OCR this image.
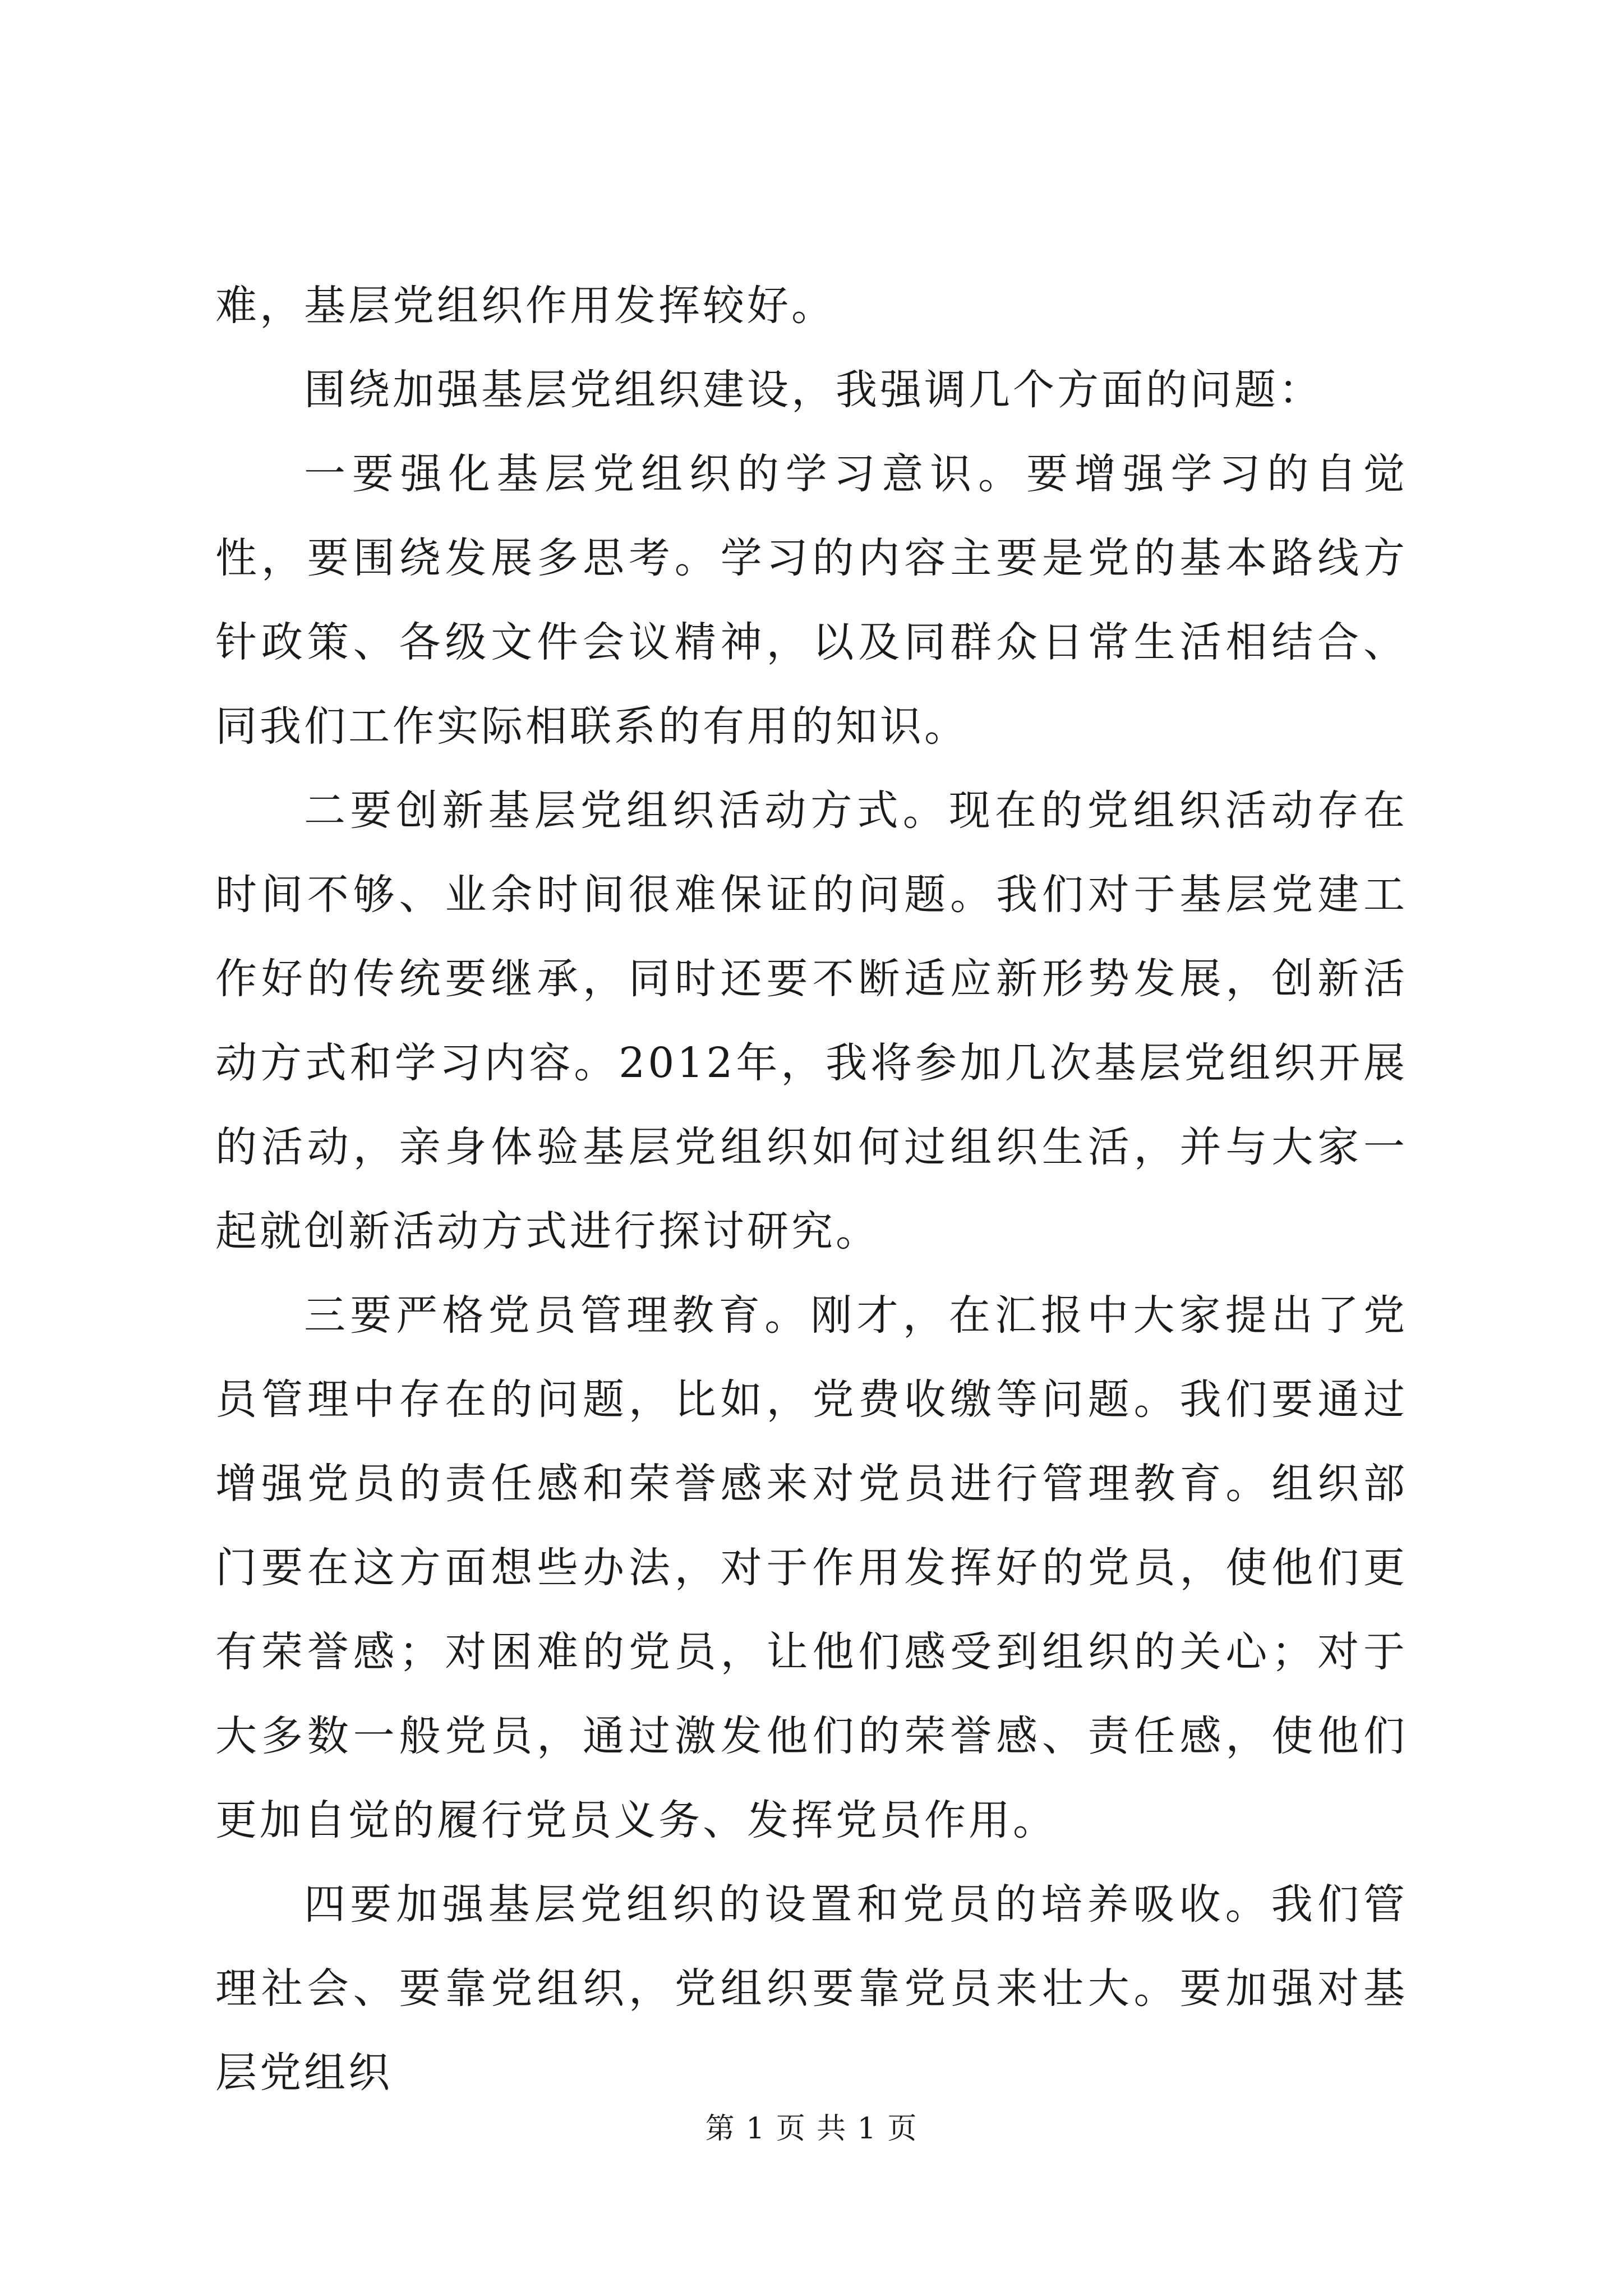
难，基层党组织作用发挥较好。

围绕加强基层党组织建设，我强调几个方面的问题：

一要强化基层党组织的学习意识。要增强学习的自觉性，要围绕发展多思考。学习的内容主要是党的基本路线方针政策、各级文件会议精神，以及同群众日常生活相结合、同我们工作实际相联系的有用的知识。

二要创新基层党组织活动方式。现在的党组织活动存在时间不够、业余时间很难保证的问题。我们对于基层党建工作好的传统要继承，同时还要不断适应新形势发展，创新活动方式和学习内容。2012年，我将参加几次基层党组织开展的活动，亲身体验基层党组织如何过组织生活，并与大家一起就创新活动方式进行探讨研究。

三要严格党员管理教育。刚才，在汇报中大家提出了党员管理中存在的问题，比如，党费收缴等问题。我们要通过增强党员的责任感和荣誉感来对党员进行管理教育。组织部门要在这方面想些办法，对于作用发挥好的党员，使他们更有荣誉感；对困难的党员，让他们感受到组织的关心；对于大多数一般党员，通过激发他们的荣誉感、责任感，使他们更加自觉的履行党员义务、发挥党员作用。

四要加强基层党组织的设置和党员的培养吸收。我们管理社会、要靠党组织，党组织要靠党员来壮大。要加强对基层党组织

第 1 页 共 1 页
